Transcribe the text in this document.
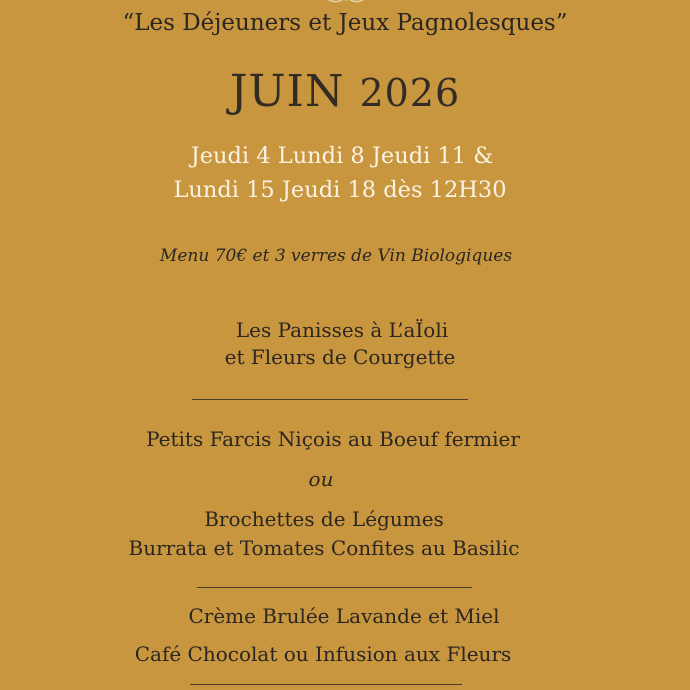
“Les Déjeuners et Jeux Pagnolesques”
JUIN 2026
Jeudi 4 Lundi 8 Jeudi 11 &
Lundi 15 Jeudi 18 dès 12H30
Menu 70€ et 3 verres de Vin Biologiques
Les Panisses à L’aÏoli
et Fleurs de Courgette
Petits Farcis Niçois au Boeuf fermier
ou
Brochettes de Légumes
Burrata et Tomates Confites au Basilic
Crème Brulée Lavande et Miel
Café Chocolat ou Infusion aux Fleurs
